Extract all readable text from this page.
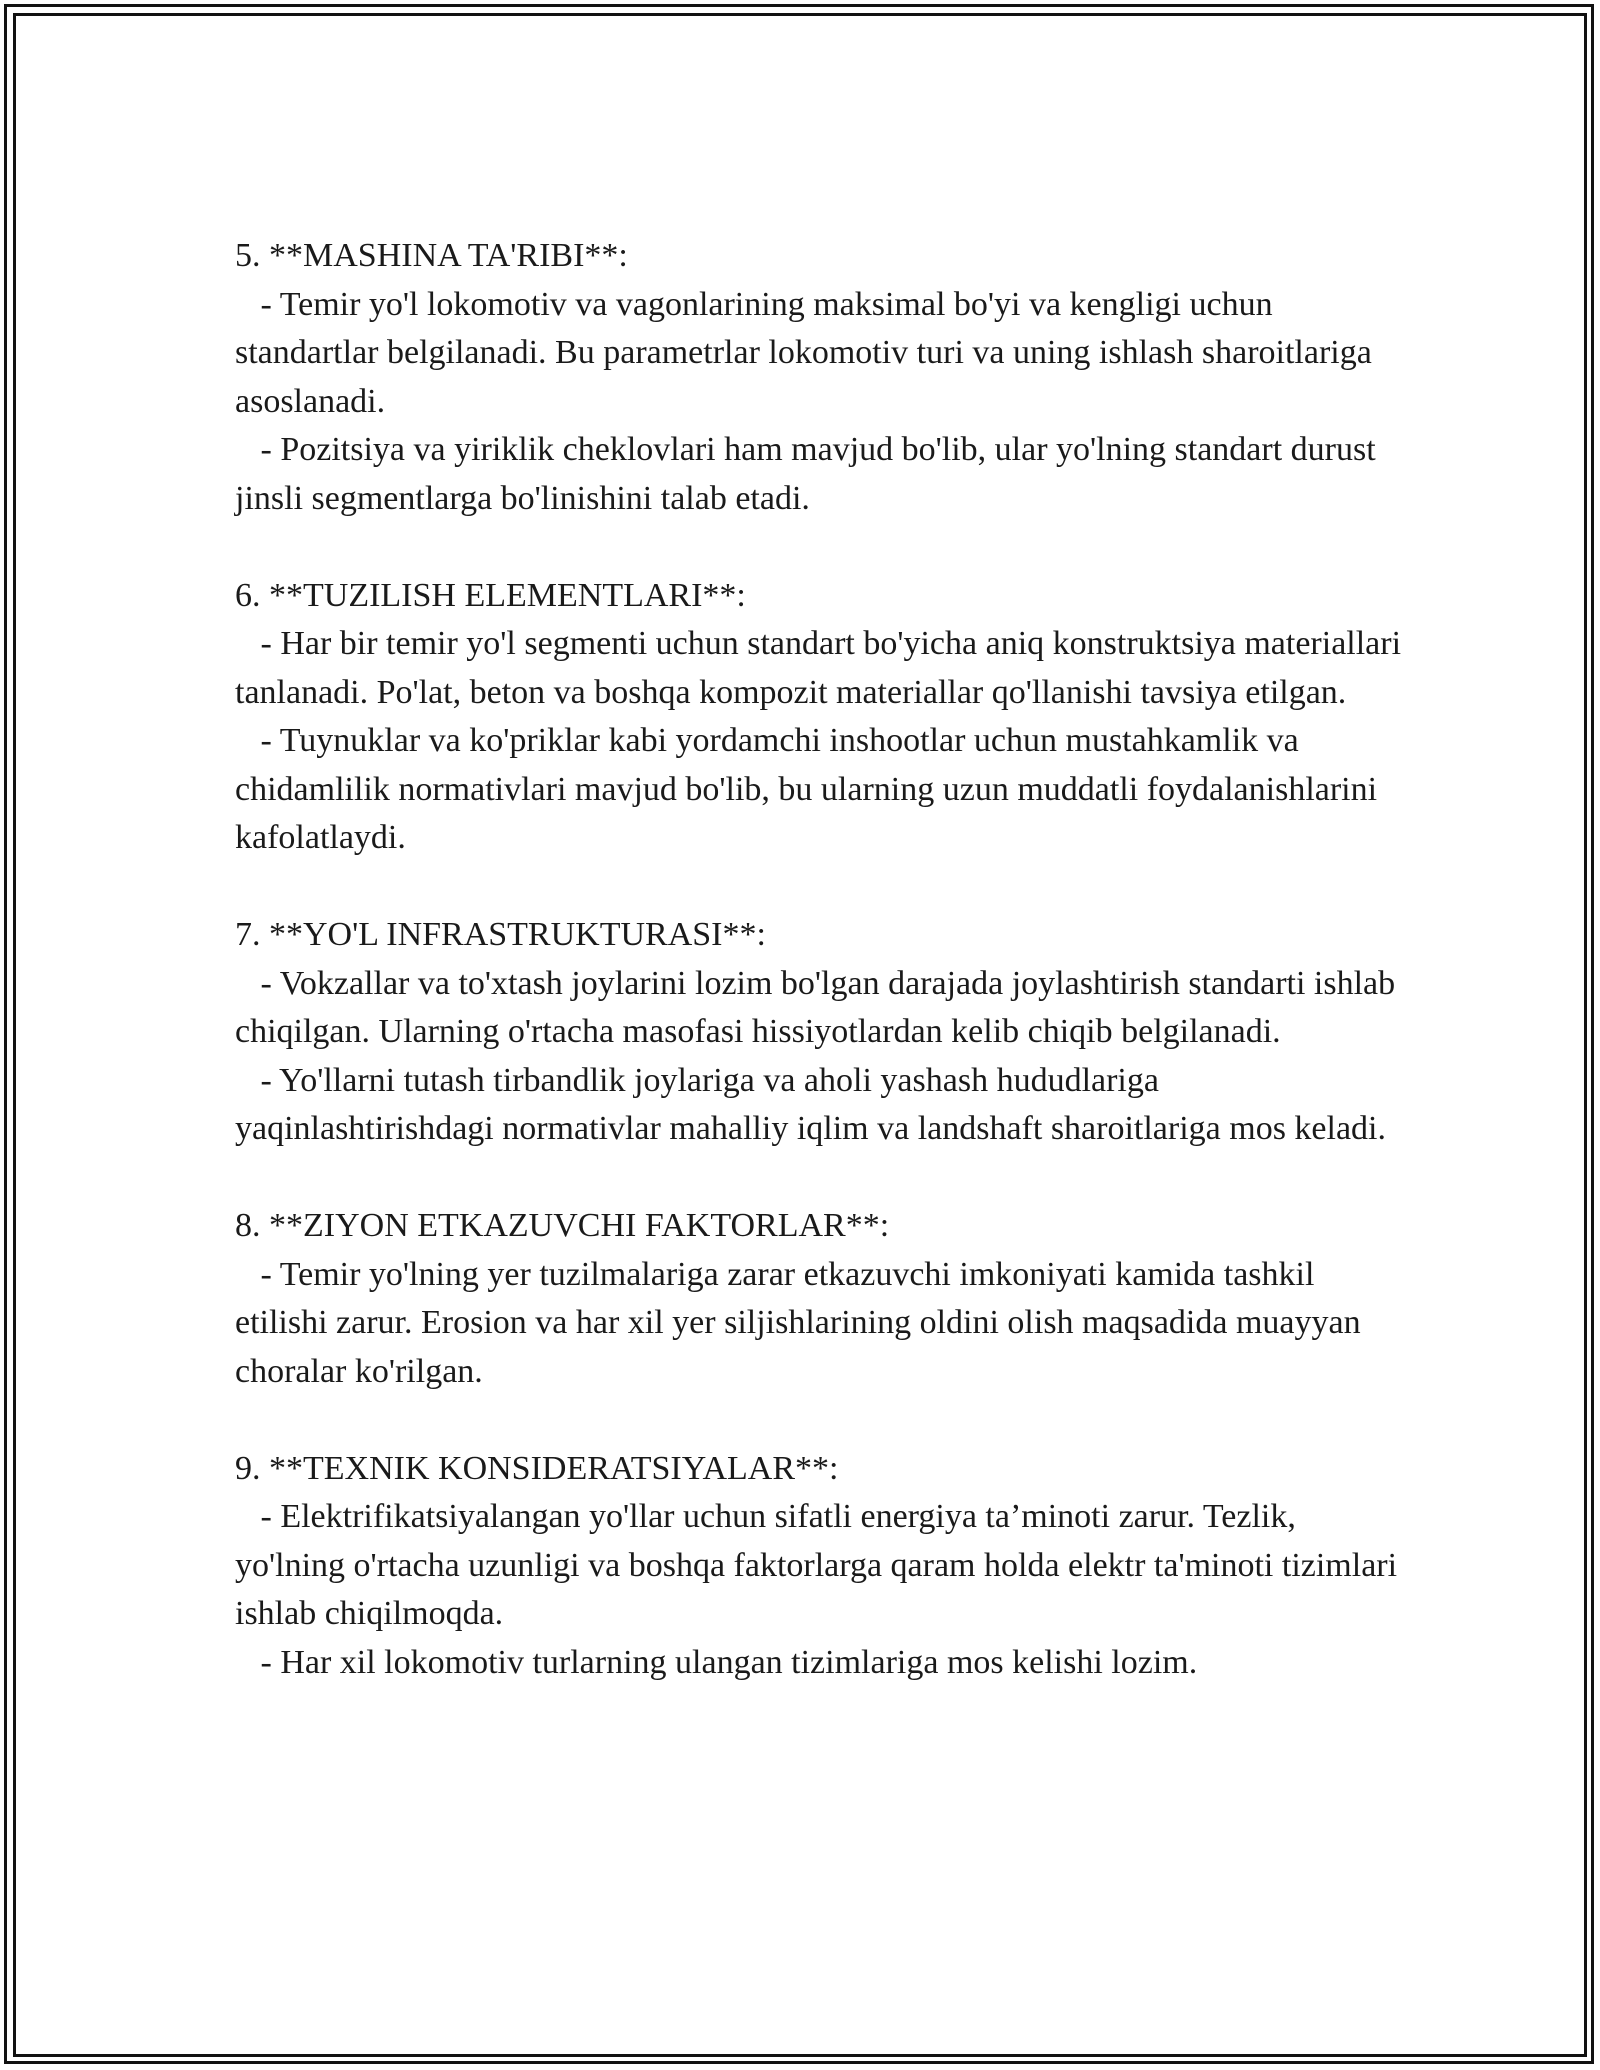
5. **MASHINA TA'RIBI**:

- Temir yo'l lokomotiv va vagonlarining maksimal bo'yi va kengligi uchun standartlar belgilanadi. Bu parametrlar lokomotiv turi va uning ishlash sharoitlariga asoslanadi.

- Pozitsiya va yiriklik cheklovlari ham mavjud bo'lib, ular yo'lning standart durust jinsli segmentlarga bo'linishini talab etadi.

6. **TUZILISH ELEMENTLARI**:

- Har bir temir yo'l segmenti uchun standart bo'yicha aniq konstruktsiya materiallari tanlanadi. Po'lat, beton va boshqa kompozit materiallar qo'llanishi tavsiya etilgan.

- Tuynuklar va ko'priklar kabi yordamchi inshootlar uchun mustahkamlik va chidamlilik normativlari mavjud bo'lib, bu ularning uzun muddatli foydalanishlarini kafolatlaydi.

7. **YO'L INFRASTRUKTURASI**:

- Vokzallar va to'xtash joylarini lozim bo'lgan darajada joylashtirish standarti ishlab chiqilgan. Ularning o'rtacha masofasi hissiyotlardan kelib chiqib belgilanadi.

- Yo'llarni tutash tirbandlik joylariga va aholi yashash hududlariga yaqinlashtirishdagi normativlar mahalliy iqlim va landshaft sharoitlariga mos keladi.

8. **ZIYON ETKAZUVCHI FAKTORLAR**:

- Temir yo'lning yer tuzilmalariga zarar etkazuvchi imkoniyati kamida tashkil etilishi zarur. Erosion va har xil yer siljishlarining oldini olish maqsadida muayyan choralar ko'rilgan.

9. **TEXNIK KONSIDERATSIYALAR**:

- Elektrifikatsiyalangan yo'llar uchun sifatli energiya ta’minoti zarur. Tezlik, yo'lning o'rtacha uzunligi va boshqa faktorlarga qaram holda elektr ta'minoti tizimlari ishlab chiqilmoqda.

- Har xil lokomotiv turlarning ulangan tizimlariga mos kelishi lozim.
